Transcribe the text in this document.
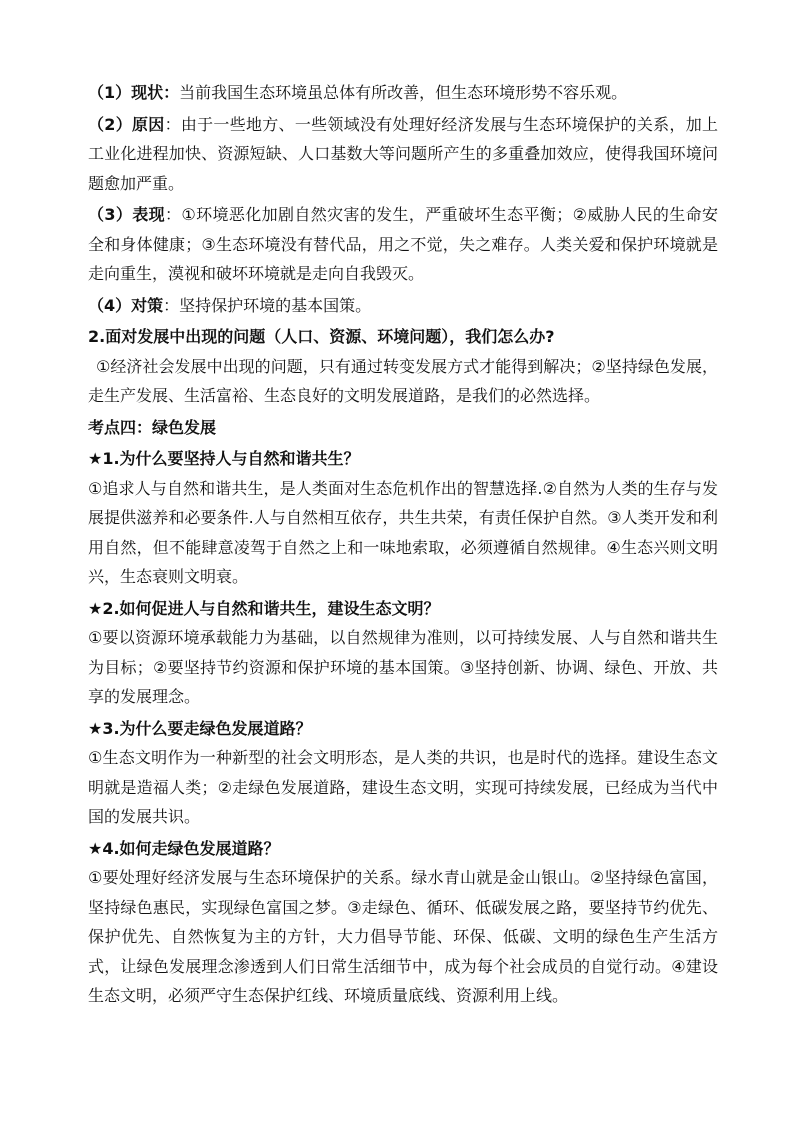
（1）现状：当前我国生态环境虽总体有所改善，但生态环境形势不容乐观。

（2）原因：由于一些地方、一些领域没有处理好经济发展与生态环境保护的关系，加上工业化进程加快、资源短缺、人口基数大等问题所产生的多重叠加效应，使得我国环境问题愈加严重。

（3）表现：①环境恶化加剧自然灾害的发生，严重破坏生态平衡；②威胁人民的生命安全和身体健康；③生态环境没有替代品，用之不觉，失之难存。人类关爱和保护环境就是走向重生，漠视和破坏环境就是走向自我毁灭。

（4）对策：坚持保护环境的基本国策。

2.面对发展中出现的问题（人口、资源、环境问题），我们怎么办?

①经济社会发展中出现的问题，只有通过转变发展方式才能得到解决；②坚持绿色发展，走生产发展、生活富裕、生态良好的文明发展道路，是我们的必然选择。

考点四：绿色发展

★1.为什么要坚持人与自然和谐共生？

①追求人与自然和谐共生，是人类面对生态危机作出的智慧选择.②自然为人类的生存与发展提供滋养和必要条件.人与自然相互依存，共生共荣，有责任保护自然。③人类开发和利用自然，但不能肆意凌驾于自然之上和一味地索取，必须遵循自然规律。④生态兴则文明兴，生态衰则文明衰。

★2.如何促进人与自然和谐共生，建设生态文明？

①要以资源环境承载能力为基础，以自然规律为准则，以可持续发展、人与自然和谐共生为目标；②要坚持节约资源和保护环境的基本国策。③坚持创新、协调、绿色、开放、共享的发展理念。

★3.为什么要走绿色发展道路？

①生态文明作为一种新型的社会文明形态，是人类的共识，也是时代的选择。建设生态文明就是造福人类；②走绿色发展道路，建设生态文明，实现可持续发展，已经成为当代中国的发展共识。

★4.如何走绿色发展道路？

①要处理好经济发展与生态环境保护的关系。绿水青山就是金山银山。②坚持绿色富国，坚持绿色惠民，实现绿色富国之梦。③走绿色、循环、低碳发展之路，要坚持节约优先、保护优先、自然恢复为主的方针，大力倡导节能、环保、低碳、文明的绿色生产生活方式，让绿色发展理念渗透到人们日常生活细节中，成为每个社会成员的自觉行动。④建设生态文明，必须严守生态保护红线、环境质量底线、资源利用上线。
